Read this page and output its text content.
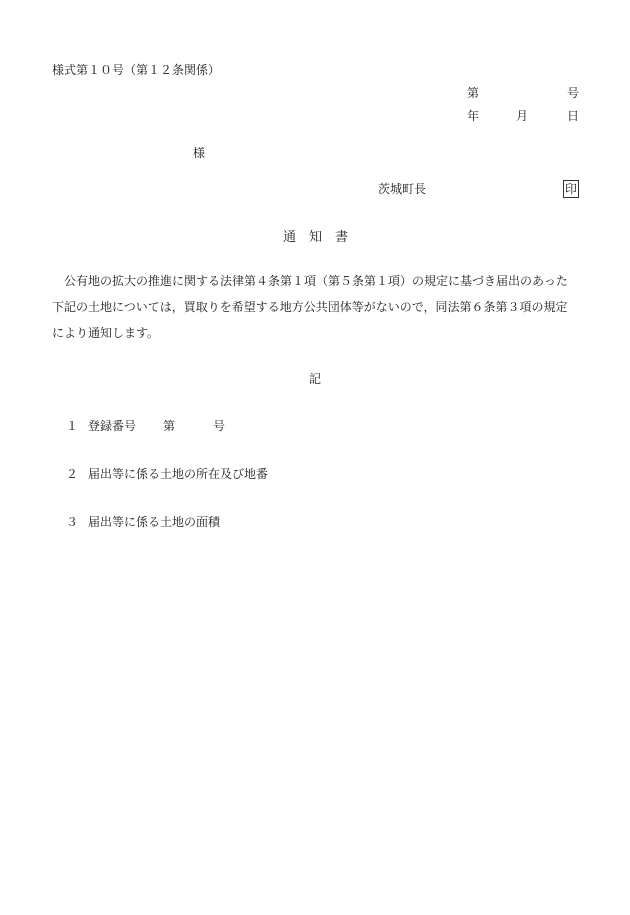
様式第１０号（第１２条関係）
第	号
年	月	日
様
茨城町長	印
通　知　書

公有地の拡大の推進に関する法律第４条第１項（第５条第１項）の規定に基づき届出のあった

下記の土地については，買取りを希望する地方公共団体等がないので，同法第６条第３項の規定

により通知します。

記
１ 登録番号 第	号
２ 届出等に係る土地の所在及び地番
３ 届出等に係る土地の面積
